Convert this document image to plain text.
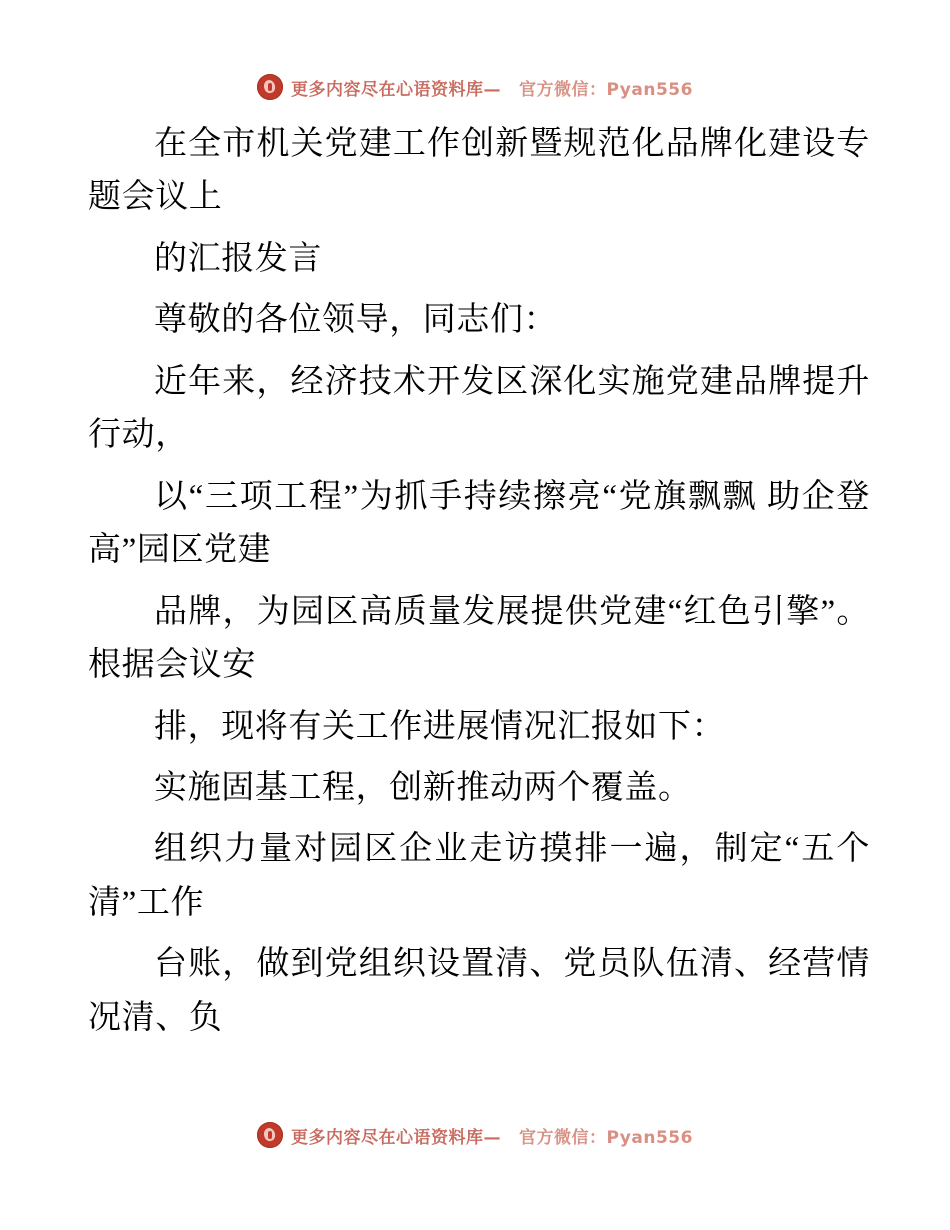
更多内容尽在心语资料库— 官方微信：Pyan556

在全市机关党建工作创新暨规范化品牌化建设专题会议上

的汇报发言

尊敬的各位领导，同志们：

近年来，经济技术开发区深化实施党建品牌提升行动，

以“三项工程”为抓手持续擦亮“党旗飘飘 助企登高”园区党建

品牌，为园区高质量发展提供党建“红色引擎”。根据会议安

排，现将有关工作进展情况汇报如下：

实施固基工程，创新推动两个覆盖。

组织力量对园区企业走访摸排一遍，制定“五个清”工作

台账，做到党组织设置清、党员队伍清、经营情况清、负

更多内容尽在心语资料库— 官方微信：Pyan556
